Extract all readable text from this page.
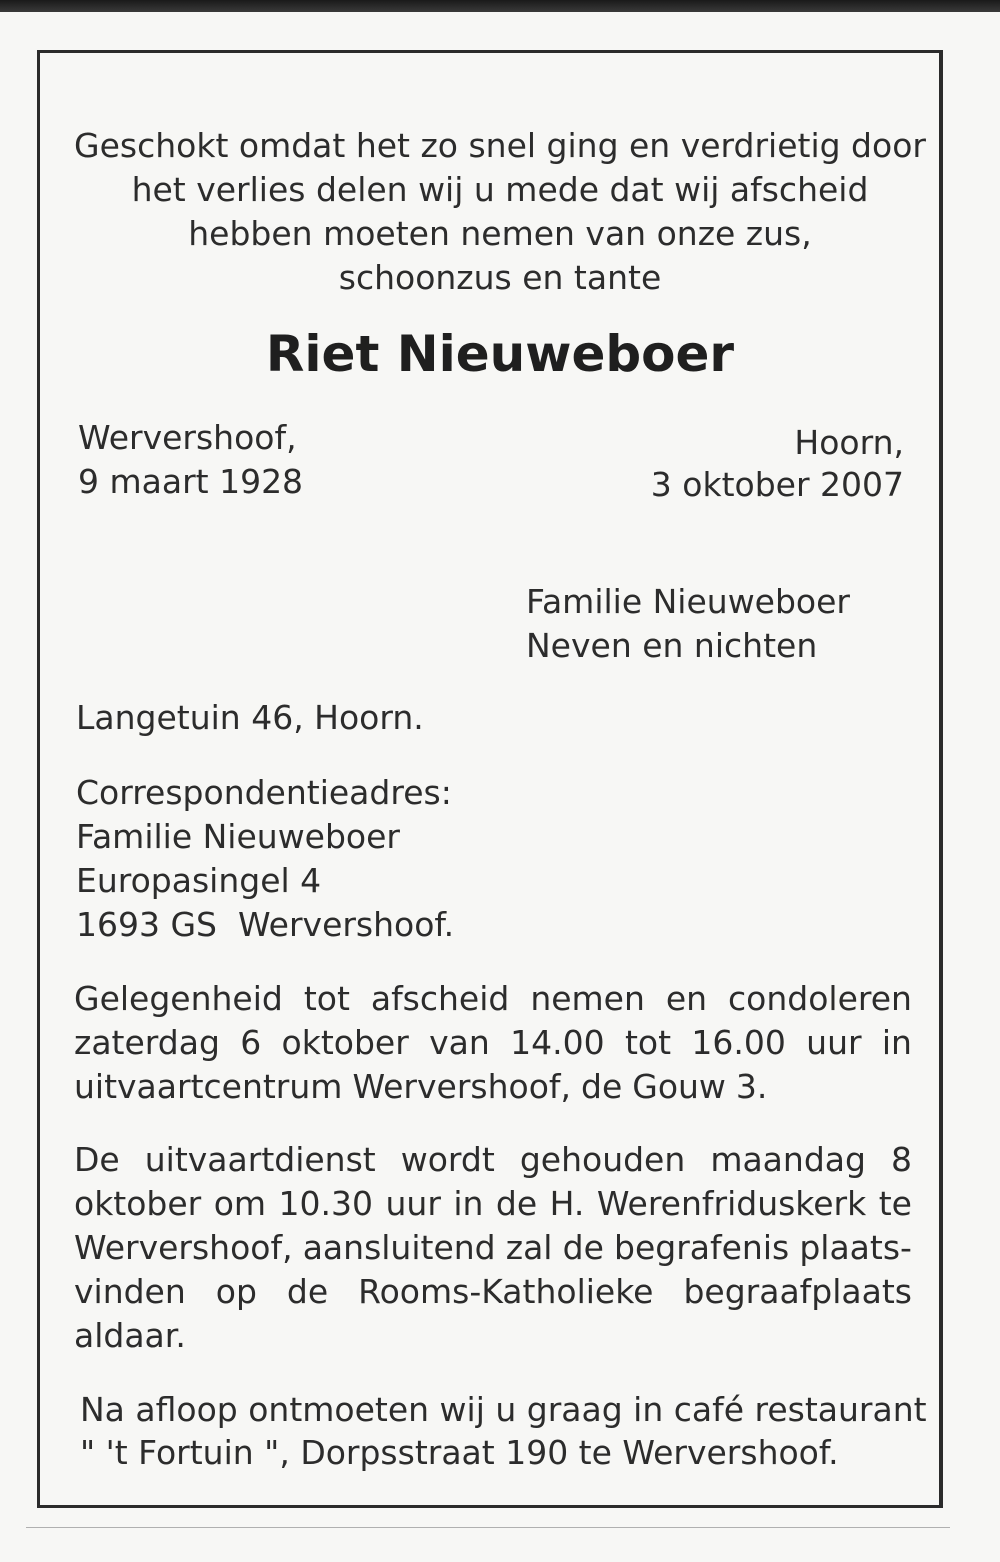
Geschokt omdat het zo snel ging en verdrietig door
het verlies delen wij u mede dat wij afscheid
hebben moeten nemen van onze zus,
schoonzus en tante
Riet Nieuweboer
Wervershoof,
9 maart 1928
Hoorn,
3 oktober 2007
Familie Nieuweboer
Neven en nichten
Langetuin 46, Hoorn.
Correspondentieadres:
Familie Nieuweboer
Europasingel 4
1693 GS  Wervershoof.
Gelegenheid tot afscheid nemen en condoleren
zaterdag 6 oktober van 14.00 tot 16.00 uur in
uitvaartcentrum Wervershoof, de Gouw 3.
De uitvaartdienst wordt gehouden maandag 8
oktober om 10.30 uur in de H. Werenfriduskerk te
Wervershoof, aansluitend zal de begrafenis plaats-
vinden op de Rooms-Katholieke begraafplaats
aldaar.
Na afloop ontmoeten wij u graag in café restaurant
" 't Fortuin ", Dorpsstraat 190 te Wervershoof.
